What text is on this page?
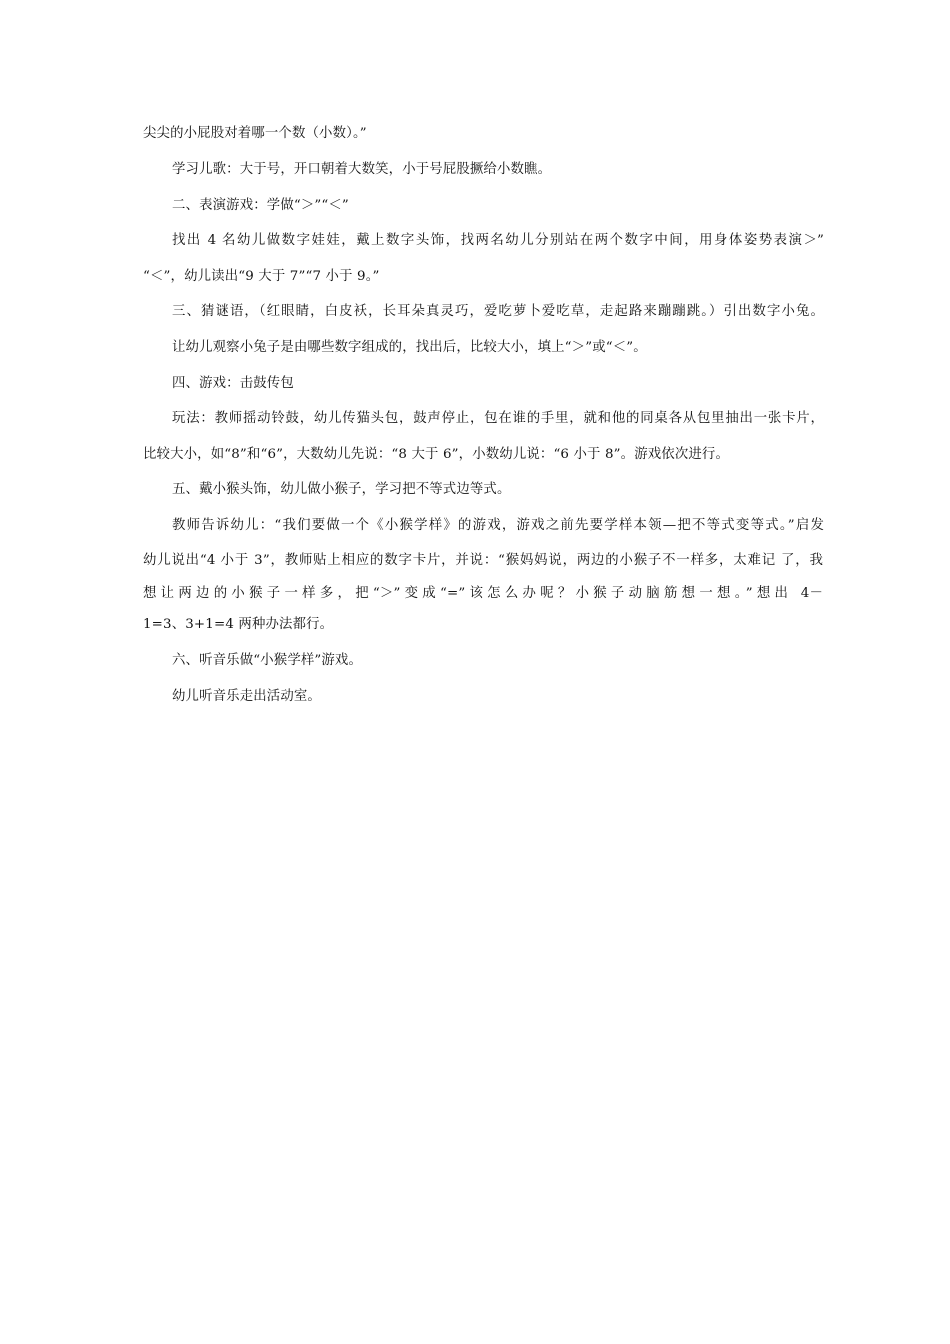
尖尖的小屁股对着哪一个数（小数）。”
学习儿歌：大于号，开口朝着大数笑，小于号屁股撅给小数瞧。
二、表演游戏：学做“＞”“＜”
找出 4 名幼儿做数字娃娃，戴上数字头饰，找两名幼儿分别站在两个数字中间，用身体姿势表演＞”
“＜”，幼儿读出“9 大于 7”“7 小于 9。”
三、猜谜语，（红眼睛，白皮袄，长耳朵真灵巧，爱吃萝卜爱吃草，走起路来蹦蹦跳。）引出数字小兔。
让幼儿观察小兔子是由哪些数字组成的，找出后，比较大小，填上“＞”或“＜”。
四、游戏：击鼓传包
玩法：教师摇动铃鼓，幼儿传猫头包，鼓声停止，包在谁的手里，就和他的同桌各从包里抽出一张卡片，
比较大小，如“8”和“6”，大数幼儿先说：“8 大于 6”，小数幼儿说：“6 小于 8”。游戏依次进行。
五、戴小猴头饰，幼儿做小猴子，学习把不等式边等式。
教师告诉幼儿：“我们要做一个《小猴学样》的游戏，游戏之前先要学样本领—把不等式变等式。”启发
幼儿说出“4 小于 3”，教师贴上相应的数字卡片，并说：“猴妈妈说，两边的小猴子不一样多，太难记 了，我
想让两边的小猴子一样多，把“＞”变成“=”该怎么办呢？小猴子动脑筋想一想。”想出 4－
1=3、3+1=4 两种办法都行。
六、听音乐做“小猴学样”游戏。
幼儿听音乐走出活动室。
